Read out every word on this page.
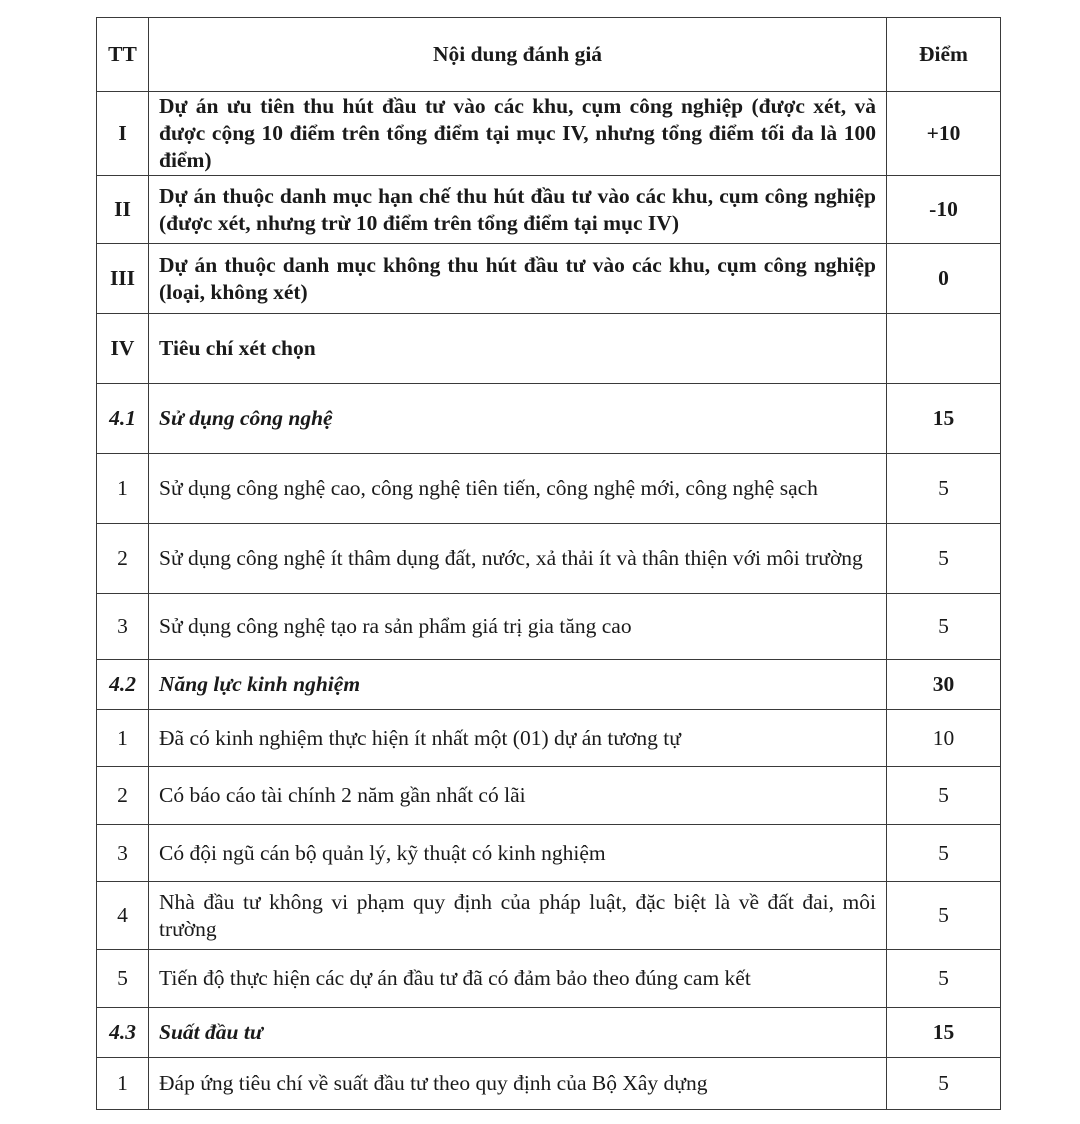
TT	Nội dung đánh giá	Điểm
I	Dự án ưu tiên thu hút đầu tư vào các khu, cụm công nghiệp (được xét, và được cộng 10 điểm trên tổng điểm tại mục IV, nhưng tổng điểm tối đa là 100 điểm)	+10
II	Dự án thuộc danh mục hạn chế thu hút đầu tư vào các khu, cụm công nghiệp (được xét, nhưng trừ 10 điểm trên tổng điểm tại mục IV)	-10
III	Dự án thuộc danh mục không thu hút đầu tư vào các khu, cụm công nghiệp (loại, không xét)	0
IV	Tiêu chí xét chọn	
4.1	Sử dụng công nghệ	15
1	Sử dụng công nghệ cao, công nghệ tiên tiến, công nghệ mới, công nghệ sạch	5
2	Sử dụng công nghệ ít thâm dụng đất, nước, xả thải ít và thân thiện với môi trường	5
3	Sử dụng công nghệ tạo ra sản phẩm giá trị gia tăng cao	5
4.2	Năng lực kinh nghiệm	30
1	Đã có kinh nghiệm thực hiện ít nhất một (01) dự án tương tự	10
2	Có báo cáo tài chính 2 năm gần nhất có lãi	5
3	Có đội ngũ cán bộ quản lý, kỹ thuật có kinh nghiệm	5
4	Nhà đầu tư không vi phạm quy định của pháp luật, đặc biệt là về đất đai, môi trường	5
5	Tiến độ thực hiện các dự án đầu tư đã có đảm bảo theo đúng cam kết	5
4.3	Suất đầu tư	15
1	Đáp ứng tiêu chí về suất đầu tư theo quy định của Bộ Xây dựng	5
